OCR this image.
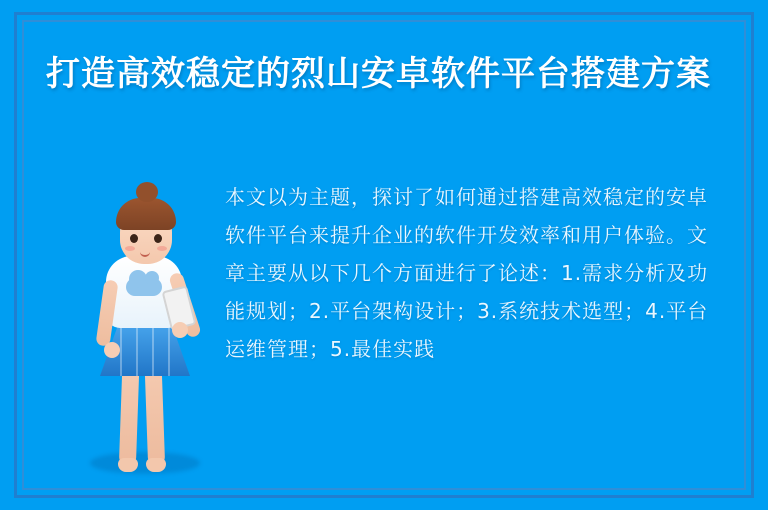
打造高效稳定的烈山安卓软件平台搭建方案
本文以为主题，探讨了如何通过搭建高效稳定的安卓软件平台来提升企业的软件开发效率和用户体验。文章主要从以下几个方面进行了论述：1.需求分析及功能规划；2.平台架构设计；3.系统技术选型；4.平台运维管理；5.最佳实践
